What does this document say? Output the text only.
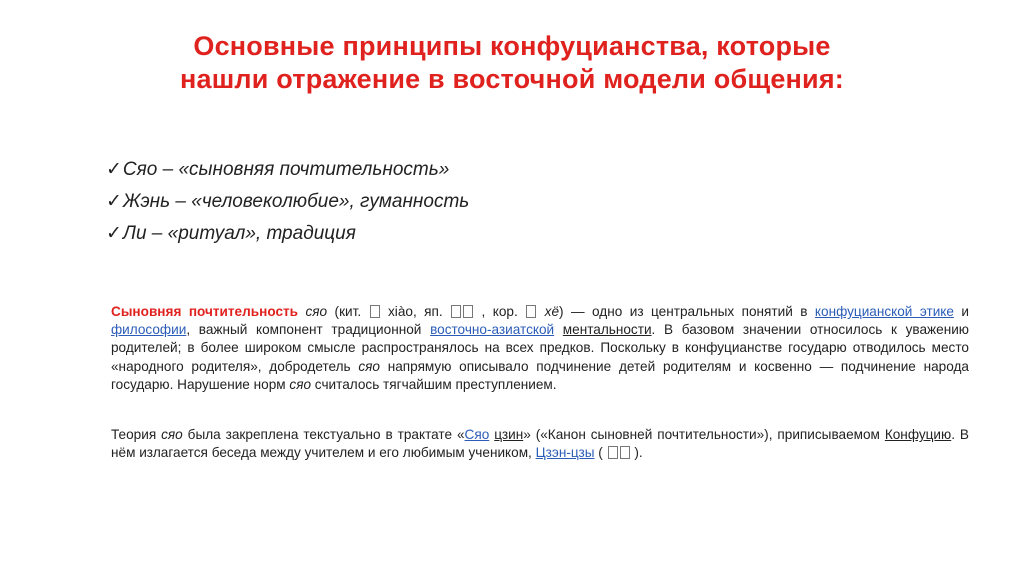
Основные принципы конфуцианства, которые
нашли отражение в восточной модели общения:
✓Сяо – «сыновняя почтительность»
✓Жэнь – «человеколюбие», гуманность
✓Ли – «ритуал», традиция
Сыновняя почтительность сяо (кит.  xiào, яп.  , кор.  хё) — одно из центральных понятий в конфуцианской этике и философии, важный компонент традиционной восточно-азиатской ментальности. В базовом значении относилось к уважению родителей; в более широком смысле распространялось на всех предков. Поскольку в конфуцианстве государю отводилось место «народного родителя», добродетель сяо напрямую описывало подчинение детей родителям и косвенно — подчинение народа государю. Нарушение норм сяо считалось тягчайшим преступлением.
Теория сяо была закреплена текстуально в трактате «Сяо цзин» («Канон сыновней почтительности»), приписываемом Конфуцию. В нём излагается беседа между учителем и его любимым учеником, Цзэн-цзы (  ).
